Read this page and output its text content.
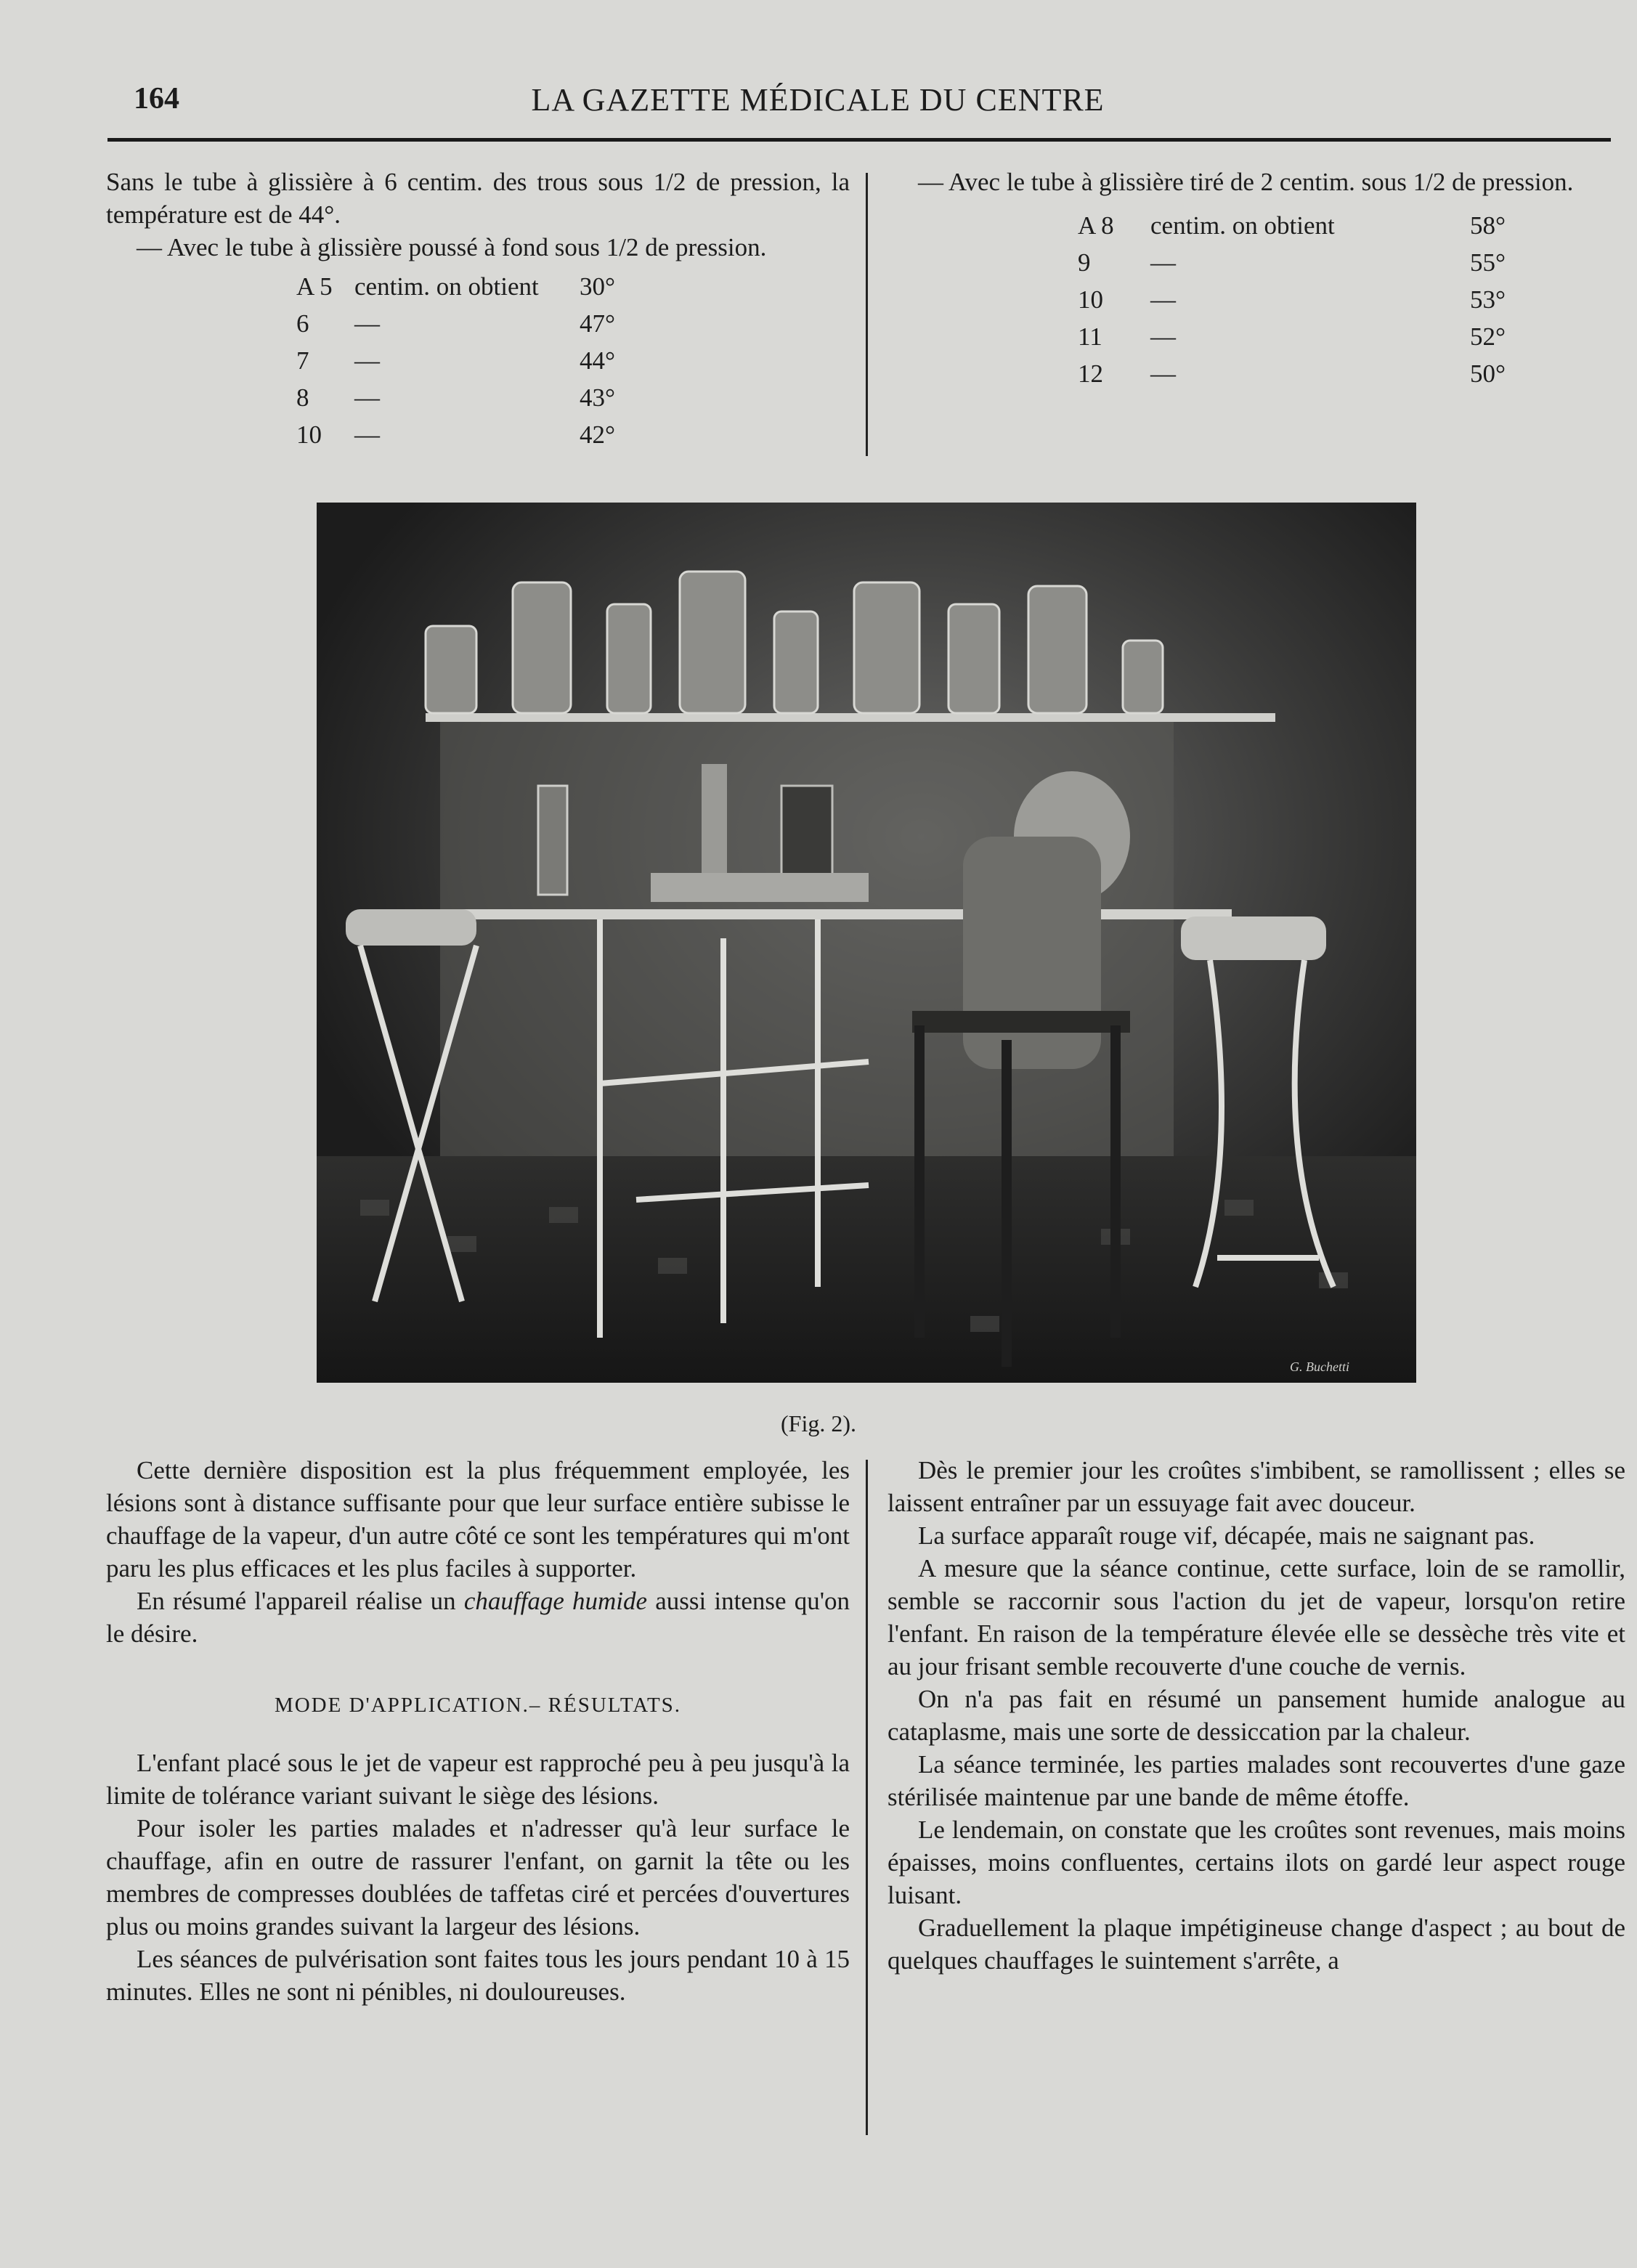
164	LA GAZETTE MÉDICALE DU CENTRE

Sans le tube à glissière à 6 centim. des trous sous 1/2 de pression, la température est de 44°.

— Avec le tube à glissière poussé à fond sous 1/2 de pression.

A 5	centim. on obtient	30°
6	—	47°
7	—	44°
8	—	43°
10	—	42°

— Avec le tube à glissière tiré de 2 centim. sous 1/2 de pression.

A 8	centim. on obtient	58°
9	—	55°
10	—	53°
11	—	52°
12	—	50°
G. Buchetti
(Fig. 2).

Cette dernière disposition est la plus fréquemment employée, les lésions sont à distance suffisante pour que leur surface entière subisse le chauffage de la vapeur, d'un autre côté ce sont les températures qui m'ont paru les plus efficaces et les plus faciles à supporter.

En résumé l'appareil réalise un chauffage humide aussi intense qu'on le désire.

MODE D'APPLICATION.– RÉSULTATS.

L'enfant placé sous le jet de vapeur est rapproché peu à peu jusqu'à la limite de tolérance variant suivant le siège des lésions.

Pour isoler les parties malades et n'adresser qu'à leur surface le chauffage, afin en outre de rassurer l'enfant, on garnit la tête ou les membres de compresses doublées de taffetas ciré et percées d'ouvertures plus ou moins grandes suivant la largeur des lésions.

Les séances de pulvérisation sont faites tous les jours pendant 10 à 15 minutes. Elles ne sont ni pénibles, ni douloureuses.

Dès le premier jour les croûtes s'imbibent, se ramollissent ; elles se laissent entraîner par un essuyage fait avec douceur.

La surface apparaît rouge vif, décapée, mais ne saignant pas.

A mesure que la séance continue, cette surface, loin de se ramollir, semble se raccornir sous l'action du jet de vapeur, lorsqu'on retire l'enfant. En raison de la température élevée elle se dessèche très vite et au jour frisant semble recouverte d'une couche de vernis.

On n'a pas fait en résumé un pansement humide analogue au cataplasme, mais une sorte de dessiccation par la chaleur.

La séance terminée, les parties malades sont recouvertes d'une gaze stérilisée maintenue par une bande de même étoffe.

Le lendemain, on constate que les croûtes sont revenues, mais moins épaisses, moins confluentes, certains ilots on gardé leur aspect rouge luisant.

Graduellement la plaque impétigineuse change d'aspect ; au bout de quelques chauffages le suintement s'arrête, a
